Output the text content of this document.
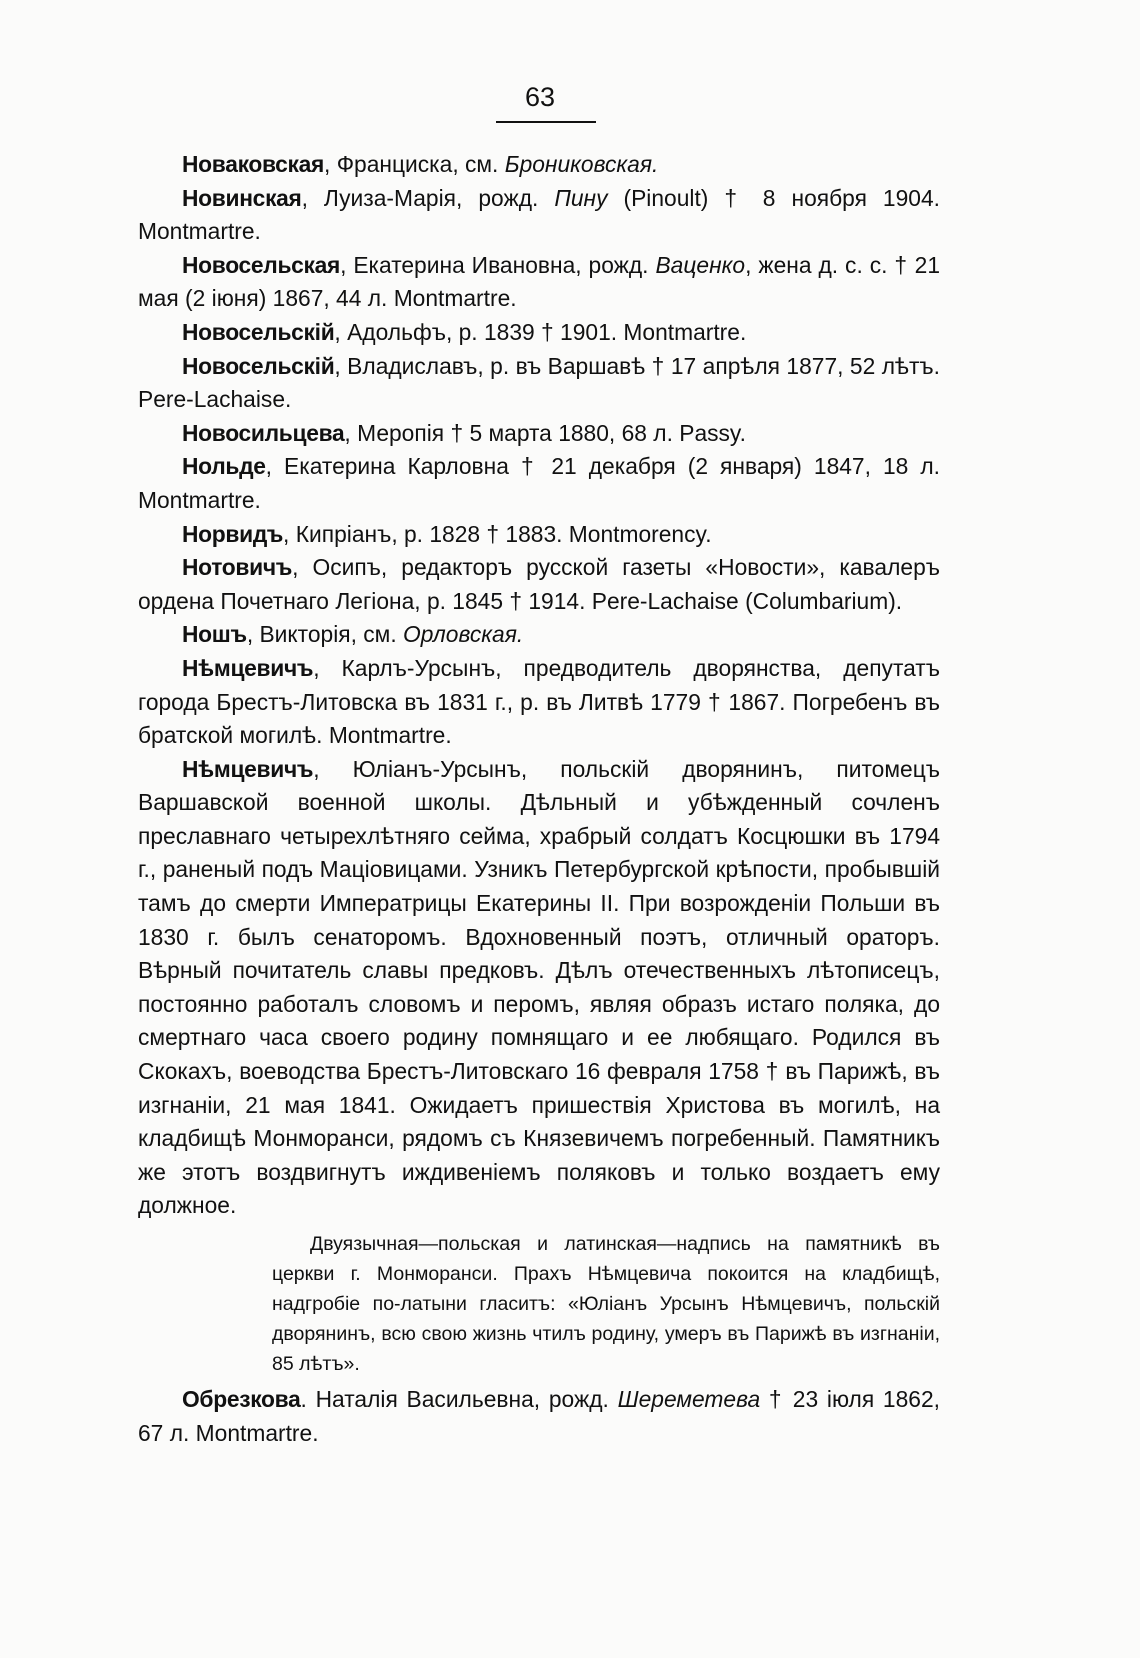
63

Новаковская, Франциска, см. Брониковская.

Новинская, Луиза-Марія, рожд. Пину (Pinoult) † 8 ноября 1904. Montmartre.

Новосельская, Екатерина Ивановна, рожд. Ваценко, жена д. с. с. † 21 мая (2 іюня) 1867, 44 л. Montmartre.

Новосельскій, Адольфъ, р. 1839 † 1901. Montmartre.

Новосельскій, Владиславъ, р. въ Варшавѣ † 17 апрѣля 1877, 52 лѣтъ. Pere-Lachaise.

Новосильцева, Меропія † 5 марта 1880, 68 л. Passy.

Нольде, Екатерина Карловна † 21 декабря (2 января) 1847, 18 л. Montmartre.

Норвидъ, Кипріанъ, р. 1828 † 1883. Montmorency.

Нотовичъ, Осипъ, редакторъ русской газеты «Новости», кавалеръ ордена Почетнаго Легіона, р. 1845 † 1914. Pere-Lachaise (Columbarium).

Ношъ, Викторія, см. Орловская.

Нѣмцевичъ, Карлъ-Урсынъ, предводитель дворянства, депутатъ города Брестъ-Литовска въ 1831 г., р. въ Литвѣ 1779 † 1867. Погребенъ въ братской могилѣ. Montmartre.

Нѣмцевичъ, Юліанъ-Урсынъ, польскій дворянинъ, питомецъ Варшавской военной школы. Дѣльный и убѣжденный сочленъ преславнаго четырехлѣтняго сейма, храбрый солдатъ Косцюшки въ 1794 г., раненый подъ Маціовицами. Узникъ Петербургской крѣпости, пробывшій тамъ до смерти Императрицы Екатерины II. При возрожденіи Польши въ 1830 г. былъ сенаторомъ. Вдохновенный поэтъ, отличный ораторъ. Вѣрный почитатель славы предковъ. Дѣлъ отечественныхъ лѣтописецъ, постоянно работалъ словомъ и перомъ, являя образъ истаго поляка, до смертнаго часа своего родину помнящаго и ее любящаго. Родился въ Скокахъ, воеводства Брестъ-Литовскаго 16 февраля 1758 † въ Парижѣ, въ изгнаніи, 21 мая 1841. Ожидаетъ пришествія Христова въ могилѣ, на кладбищѣ Монморанси, рядомъ съ Князевичемъ погребенный. Памятникъ же этотъ воздвигнутъ иждивеніемъ поляковъ и только воздаетъ ему должное.

Двуязычная—польская и латинская—надпись на памятникѣ въ церкви г. Монморанси. Прахъ Нѣмцевича покоится на кладбищѣ, надгробіе по-латыни гласитъ: «Юліанъ Урсынъ Нѣмцевичъ, польскій дворянинъ, всю свою жизнь чтилъ родину, умеръ въ Парижѣ въ изгнаніи, 85 лѣтъ».

Обрезкова. Наталія Васильевна, рожд. Шереметева † 23 іюля 1862, 67 л. Montmartre.
